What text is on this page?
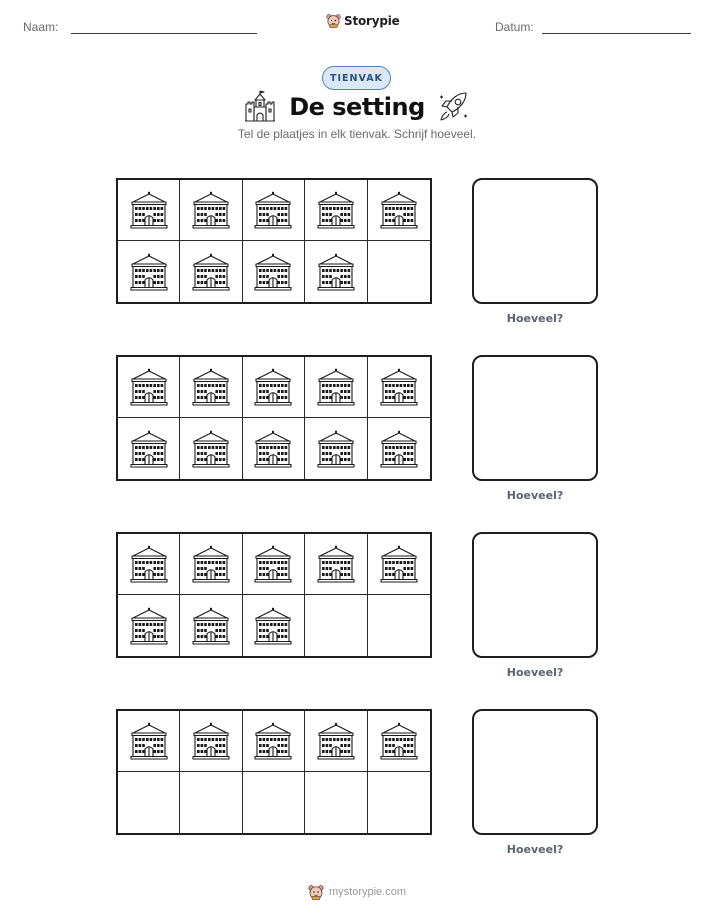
Naam:	Storypie	Datum:
TIENVAK
De setting
Tel de plaatjes in elk tienvak. Schrijf hoeveel.
Hoeveel?
Hoeveel?
Hoeveel?
Hoeveel?
mystorypie.com
